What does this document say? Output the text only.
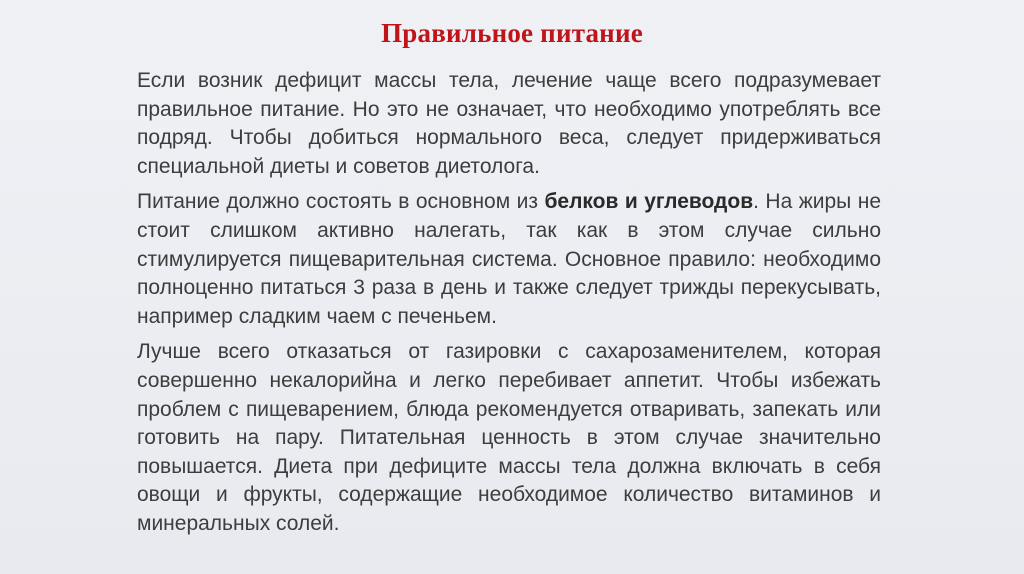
Правильное питание

Если возник дефицит массы тела, лечение чаще всего подразумевает правильное питание. Но это не означает, что необходимо употреблять все подряд. Чтобы добиться нормального веса, следует придерживаться специальной диеты и советов диетолога.

Питание должно состоять в основном из белков и углеводов. На жиры не стоит слишком активно налегать, так как в этом случае сильно стимулируется пищеварительная система. Основное правило: необходимо полноценно питаться 3 раза в день и также следует трижды перекусывать, например сладким чаем с печеньем.

Лучше всего отказаться от газировки с сахарозаменителем, которая совершенно некалорийна и легко перебивает аппетит. Чтобы избежать проблем с пищеварением, блюда рекомендуется отваривать, запекать или готовить на пару. Питательная ценность в этом случае значительно повышается. Диета при дефиците массы тела должна включать в себя овощи и фрукты, содержащие необходимое количество витаминов и минеральных солей.
